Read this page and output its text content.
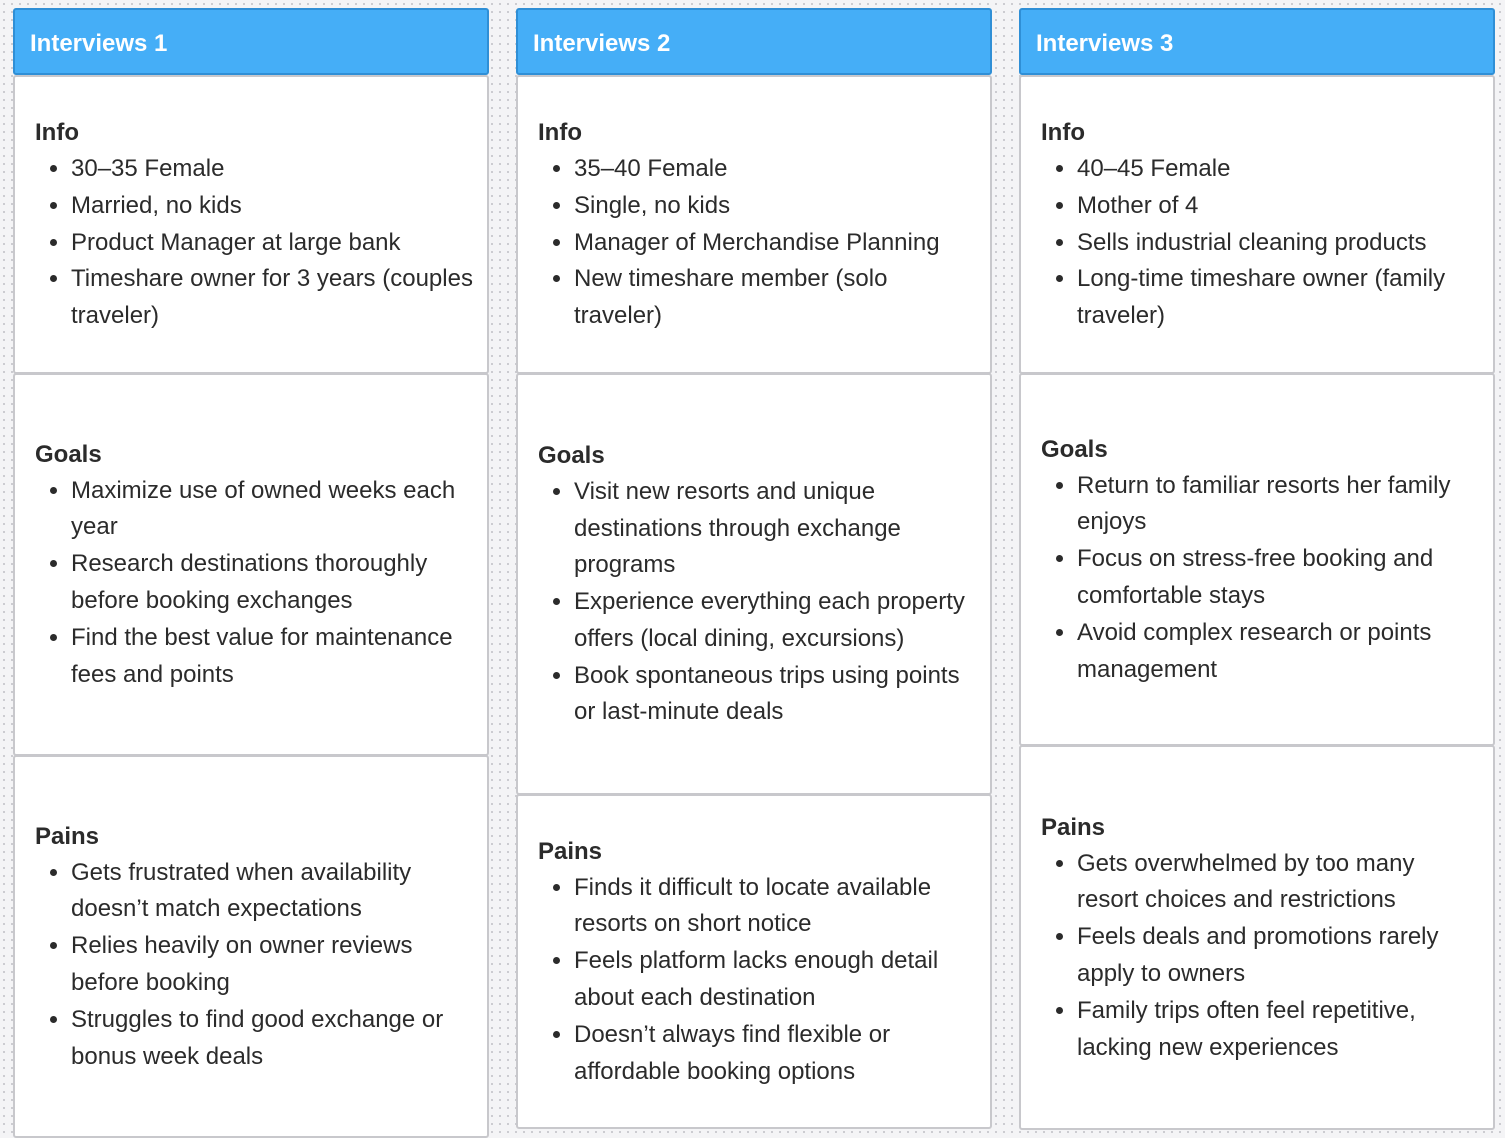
Interviews 1
Info
• 30–35 Female
• Married, no kids
• Product Manager at large bank
• Timeshare owner for 3 years (couples traveler)
Goals
• Maximize use of owned weeks each year
• Research destinations thoroughly before booking exchanges
• Find the best value for maintenance fees and points
Pains
• Gets frustrated when availability doesn’t match expectations
• Relies heavily on owner reviews before booking
• Struggles to find good exchange or bonus week deals
Interviews 2
Info
• 35–40 Female
• Single, no kids
• Manager of Merchandise Planning
• New timeshare member (solo traveler)
Goals
• Visit new resorts and unique destinations through exchange programs
• Experience everything each property offers (local dining, excursions)
• Book spontaneous trips using points or last-minute deals
Pains
• Finds it difficult to locate available resorts on short notice
• Feels platform lacks enough detail about each destination
• Doesn’t always find flexible or affordable booking options
Interviews 3
Info
• 40–45 Female
• Mother of 4
• Sells industrial cleaning products
• Long-time timeshare owner (family traveler)
Goals
• Return to familiar resorts her family enjoys
• Focus on stress-free booking and comfortable stays
• Avoid complex research or points management
Pains
• Gets overwhelmed by too many resort choices and restrictions
• Feels deals and promotions rarely apply to owners
• Family trips often feel repetitive, lacking new experiences
